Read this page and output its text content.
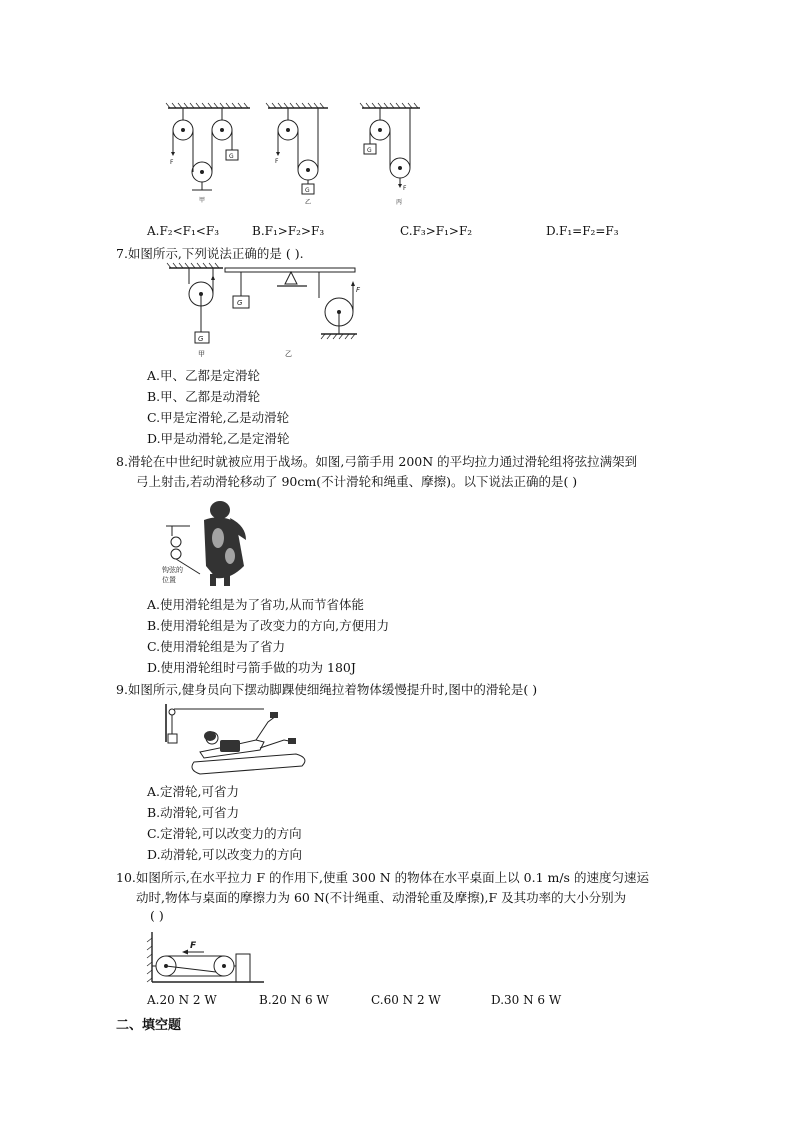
F	F
F
G
G
G
甲	乙	丙
A.F₂<F₁<F₃	B.F₁>F₂>F₃	C.F₃>F₁>F₂	D.F₁=F₂=F₃
7.如图所示,下列说法正确的是 ( ).
G
G
F
甲	乙
A.甲、乙都是定滑轮
B.甲、乙都是动滑轮
C.甲是定滑轮,乙是动滑轮
D.甲是动滑轮,乙是定滑轮
8.滑轮在中世纪时就被应用于战场。如图,弓箭手用 200N 的平均拉力通过滑轮组将弦拉满架到
弓上射击,若动滑轮移动了 90cm(不计滑轮和绳重、摩擦)。以下说法正确的是( )
钩弦的
位置
A.使用滑轮组是为了省功,从而节省体能
B.使用滑轮组是为了改变力的方向,方便用力
C.使用滑轮组是为了省力
D.使用滑轮组时弓箭手做的功为 180J
9.如图所示,健身员向下摆动脚踝使细绳拉着物体缓慢提升时,图中的滑轮是( )
A.定滑轮,可省力
B.动滑轮,可省力
C.定滑轮,可以改变力的方向
D.动滑轮,可以改变力的方向
10.如图所示,在水平拉力 F 的作用下,使重 300 N 的物体在水平桌面上以 0.1 m/s 的速度匀速运
动时,物体与桌面的摩擦力为 60 N(不计绳重、动滑轮重及摩擦),F 及其功率的大小分别为
( )
F
A.20 N 2 W	B.20 N 6 W	C.60 N 2 W	D.30 N 6 W
二、填空题
